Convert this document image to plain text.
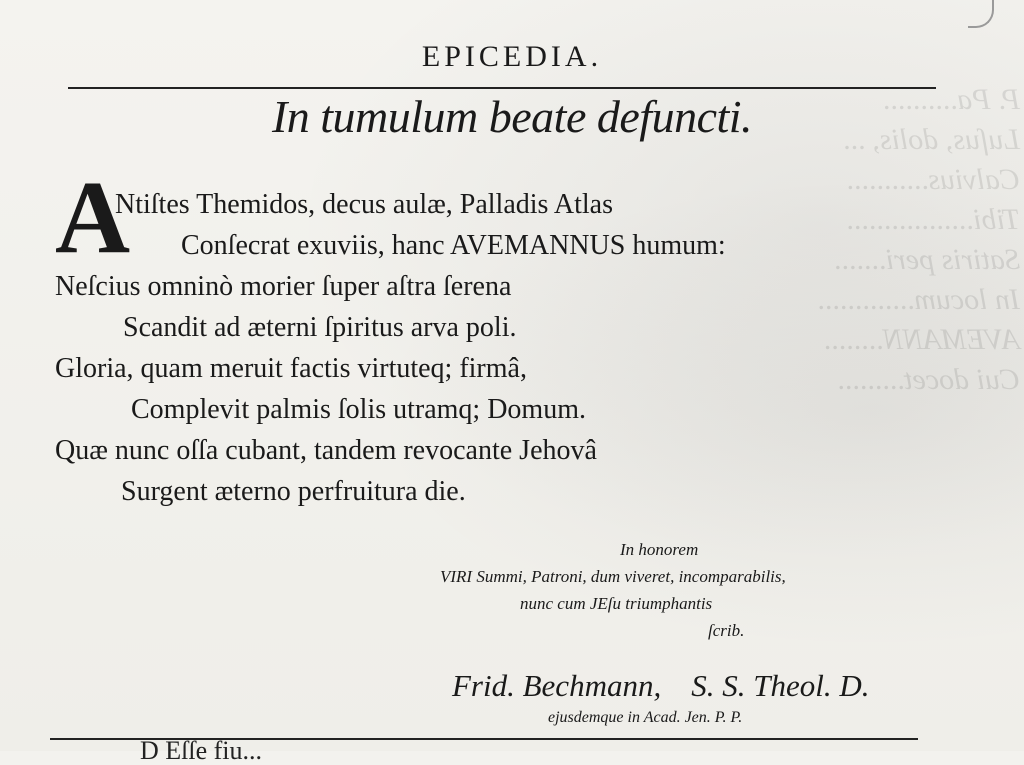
P. Pa..........
Luſus, dolis, ...
Calvius...........
Tibi.................
Satiris peri.......
In locum.............
AVEMANN........
Cui docet.........
EPICEDIA.
In tumulum beate defuncti.
A
Ntiſtes Themidos, decus aulæ, Palladis Atlas
Conſecrat exuviis, hanc AVEMANNUS humum:
Neſcius omninò morier ſuper aſtra ſerena
Scandit ad æterni ſpiritus arva poli.
Gloria, quam meruit factis virtuteq; firmâ,
Complevit palmis ſolis utramq; Domum.
Quæ nunc oſſa cubant, tandem revocante Jehovâ
Surgent æterno perfruitura die.
In honorem
VIRI Summi, Patroni, dum viveret, incomparabilis,
nunc cum JEſu triumphantis
ſcrib.
Frid. Bechmann, S. S. Theol. D.
ejusdemque in Acad. Jen. P. P.
D Eſſe fiu...
